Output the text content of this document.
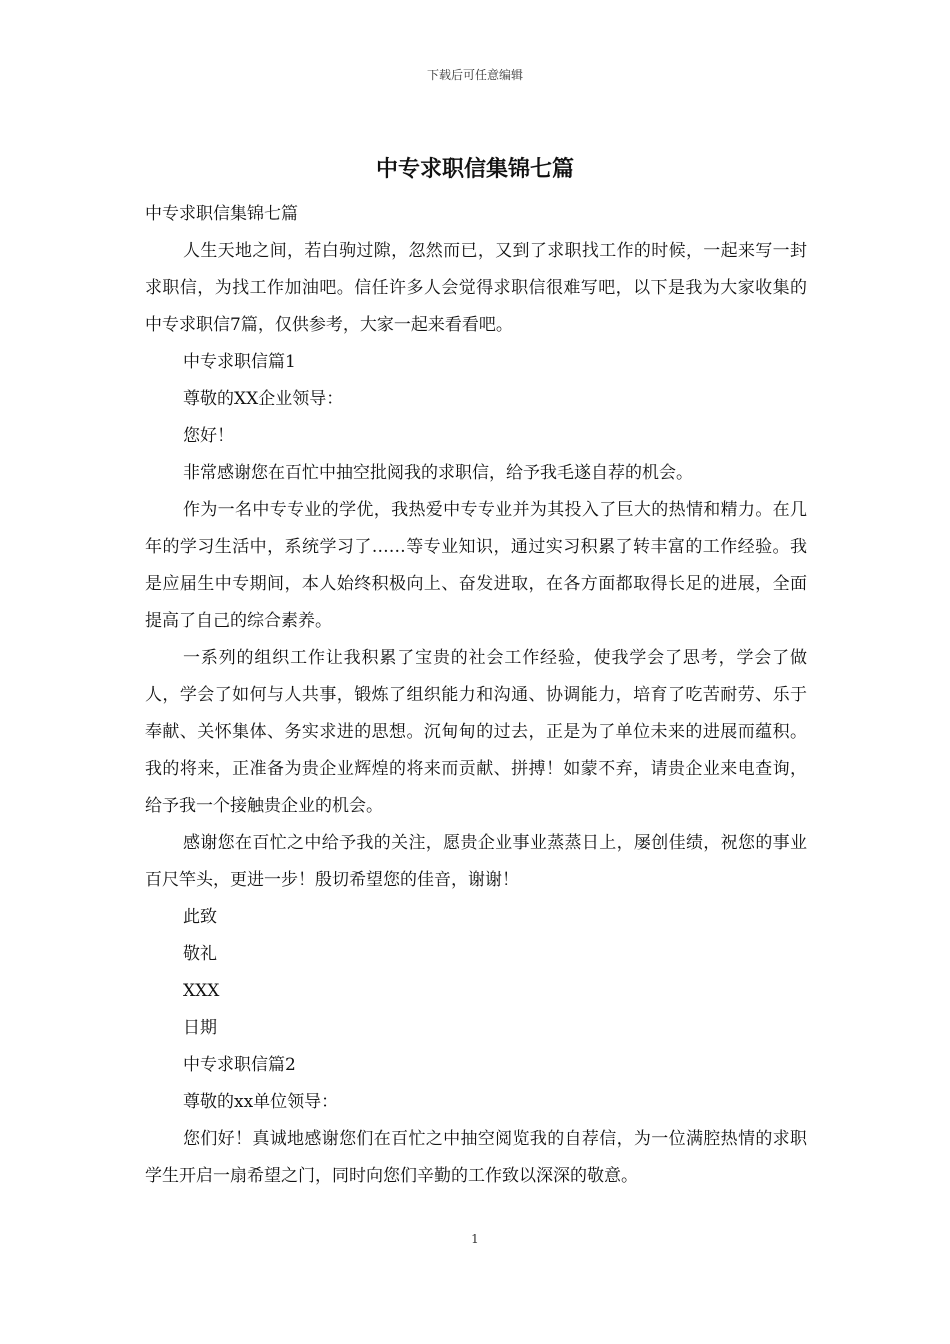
下载后可任意编辑
中专求职信集锦七篇

中专求职信集锦七篇

人生天地之间，若白驹过隙，忽然而已，又到了求职找工作的时候，一起来写一封求职信，为找工作加油吧。信任许多人会觉得求职信很难写吧，以下是我为大家收集的中专求职信7篇，仅供参考，大家一起来看看吧。

中专求职信篇1

尊敬的XX企业领导：

您好！

非常感谢您在百忙中抽空批阅我的求职信，给予我毛遂自荐的机会。

作为一名中专专业的学优，我热爱中专专业并为其投入了巨大的热情和精力。在几年的学习生活中，系统学习了……等专业知识，通过实习积累了转丰富的工作经验。我是应届生中专期间，本人始终积极向上、奋发进取，在各方面都取得长足的进展，全面提高了自己的综合素养。

一系列的组织工作让我积累了宝贵的社会工作经验，使我学会了思考，学会了做人，学会了如何与人共事，锻炼了组织能力和沟通、协调能力，培育了吃苦耐劳、乐于奉献、关怀集体、务实求进的思想。沉甸甸的过去，正是为了单位未来的进展而蕴积。我的将来，正准备为贵企业辉煌的将来而贡献、拼搏！如蒙不弃，请贵企业来电查询，给予我一个接触贵企业的机会。

感谢您在百忙之中给予我的关注，愿贵企业事业蒸蒸日上，屡创佳绩，祝您的事业百尺竿头，更进一步！殷切希望您的佳音，谢谢！

此致

敬礼

XXX

日期

中专求职信篇2

尊敬的xx单位领导：

您们好！真诚地感谢您们在百忙之中抽空阅览我的自荐信，为一位满腔热情的求职学生开启一扇希望之门，同时向您们辛勤的工作致以深深的敬意。

1
